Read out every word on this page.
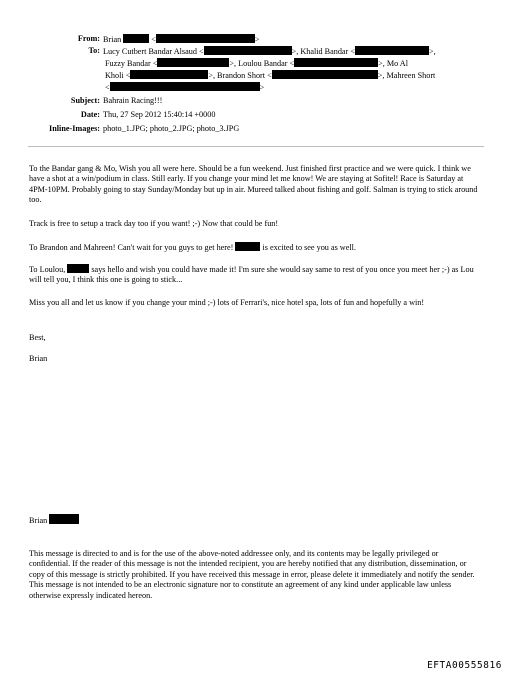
From: Brian	<	>
To: Lucy Cutbert Bandar Alsaud <	>, Khalid Bandar <	>,
Fuzzy Bandar <	>, Loulou Bandar <	>, Mo Al
Kholi <	>, Brandon Short <	>, Mahreen Short
<	>
Subject: Bahrain Racing!!!
Date: Thu, 27 Sep 2012 15:40:14 +0000
Inline-Images: photo_1.JPG; photo_2.JPG; photo_3.JPG

To the Bandar gang & Mo, Wish you all were here. Should be a fun weekend. Just finished first practice and we were quick. I think we have a shot at a win/podium in class. Still early. If you change your mind let me know! We are staying at Sofitel! Race is Saturday at 4PM-10PM. Probably going to stay Sunday/Monday but up in air. Mureed talked about fishing and golf. Salman is trying to stick around too.

Track is free to setup a track day too if you want! ;-) Now that could be fun!

To Brandon and Mahreen! Can't wait for you guys to get here!	is excited to see you as well.

To Loulou,	says hello and wish you could have made it! I'm sure she would say same to rest of you once you meet her ;-) as Lou will tell you, I think this one is going to stick...

Miss you all and let us know if you change your mind ;-) lots of Ferrari's, nice hotel spa, lots of fun and hopefully a win!

Best,
Brian
Brian

This message is directed to and is for the use of the above-noted addressee only, and its contents may be legally privileged or confidential. If the reader of this message is not the intended recipient, you are hereby notified that any distribution, dissemination, or copy of this message is strictly prohibited. If you have received this message in error, please delete it immediately and notify the sender. This message is not intended to be an electronic signature nor to constitute an agreement of any kind under applicable law unless otherwise expressly indicated hereon.

EFTA00555816
